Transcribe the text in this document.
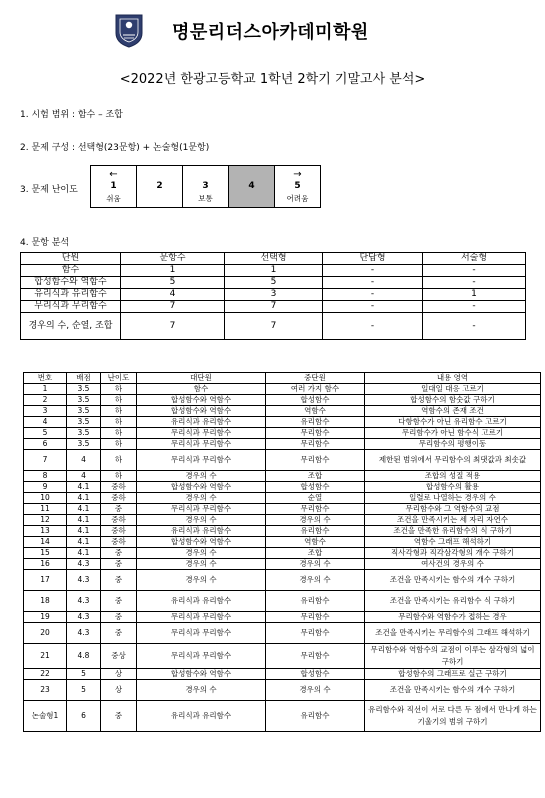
명문리더스아카데미학원
<2022년 한광고등학교 1학년 2학기 기말고사 분석>
1. 시험 범위 : 함수 – 조합
2. 문제 구성 : 선택형(23문항) + 논술형(1문항)
3. 문제 난이도
←
1
쉬움

2	3
보통

4

→
5
어려움
4. 문항 분석
단원	문항수	선택형	단답형	서술형
함수	1	1	-	-
합성함수와 역함수	5	5	-	-
유리식과 유리함수	4	3	-	1
무리식과 무리함수	7	7	-	-
경우의 수, 순열, 조합	7	7	-	-
번호	배점	난이도	대단원	중단원	내용 영역
1	3.5	하	함수	여러 가지 함수	일대일 대응 고르기
2	3.5	하	합성함수와 역함수	합성함수	합성함수의 함숫값 구하기
3	3.5	하	합성함수와 역함수	역함수	역함수의 존재 조건
4	3.5	하	유리식과 유리함수	유리함수	다항함수가 아닌 유리함수 고르기
5	3.5	하	무리식과 무리함수	무리함수	무리함수가 아닌 함수식 고르기
6	3.5	하	무리식과 무리함수	무리함수	무리함수의 평행이동
7	4	하	무리식과 무리함수	무리함수	제한된 범위에서 무리함수의 최댓값과 최솟값
8	4	하	경우의 수	조합	조합의 성질 적용
9	4.1	중하	합성함수와 역함수	합성함수	합성함수의 활용
10	4.1	중하	경우의 수	순열	일렬로 나열하는 경우의 수
11	4.1	중	무리식과 무리함수	무리함수	무리함수와 그 역함수의 교점
12	4.1	중하	경우의 수	경우의 수	조건을 만족시키는 세 자리 자연수
13	4.1	중하	유리식과 유리함수	유리함수	조건을 만족한 유리함수의 식 구하기
14	4.1	중하	합성함수와 역함수	역함수	역함수 그래프 해석하기
15	4.1	중	경우의 수	조합	직사각형과 직각삼각형의 개수 구하기
16	4.3	중	경우의 수	경우의 수	여사건의 경우의 수
17	4.3	중	경우의 수	경우의 수	조건을 만족시키는 함수의 개수 구하기
18	4.3	중	유리식과 유리함수	유리함수	조건을 만족시키는 유리함수 식 구하기
19	4.3	중	무리식과 무리함수	무리함수	무리함수와 역함수가 접하는 경우
20	4.3	중	무리식과 무리함수	무리함수	조건을 만족시키는 무리함수의 그래프 해석하기
21	4.8	중상	무리식과 무리함수	무리함수	무리함수와 역함수의 교점이 이루는 삼각형의 넓이 구하기
22	5	상	합성함수와 역함수	합성함수	합성함수의 그래프로 실근 구하기
23	5	상	경우의 수	경우의 수	조건을 만족시키는 함수의 개수 구하기
논술형1	6	중	유리식과 유리함수	유리함수	유리함수와 직선이 서로 다른 두 점에서 만나게 하는 기울기의 범위 구하기
